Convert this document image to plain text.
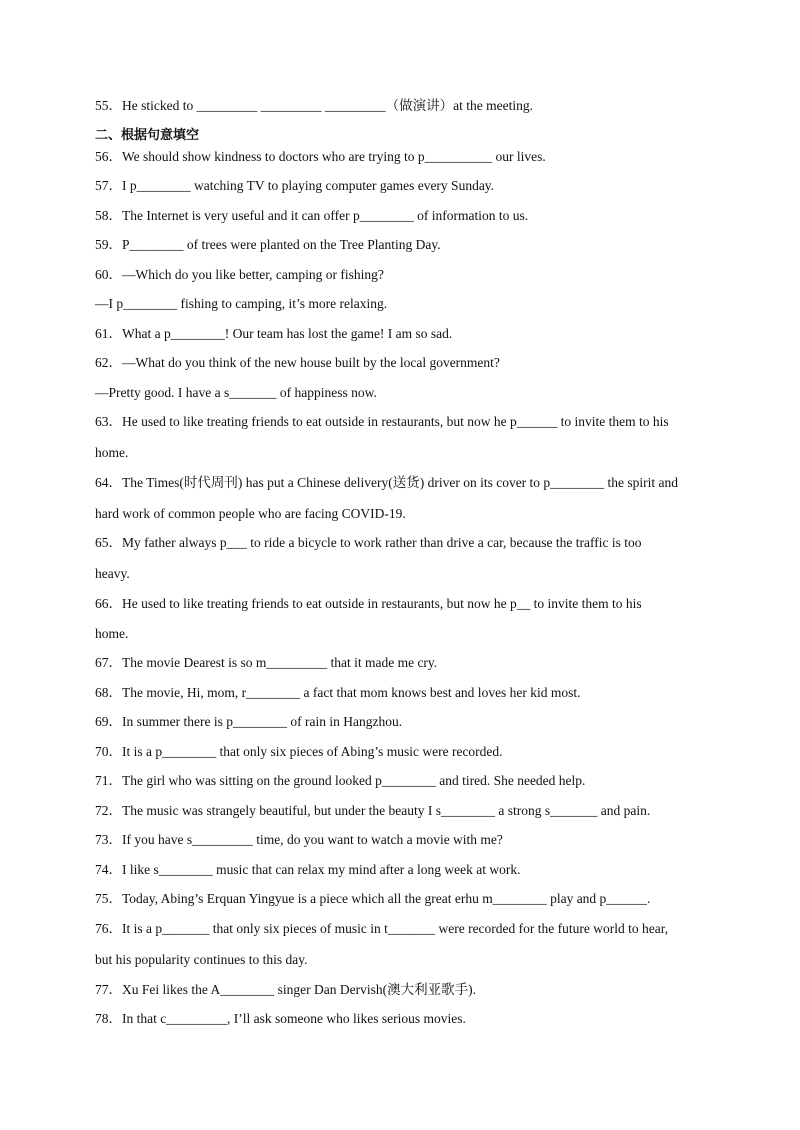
55．He sticked to _________ _________ _________（做演讲）at the meeting.
二、根据句意填空
56．We should show kindness to doctors who are trying to p__________ our lives.
57．I p________ watching TV to playing computer games every Sunday.
58．The Internet is very useful and it can offer p________ of information to us.
59．P________ of trees were planted on the Tree Planting Day.
60．—Which do you like better, camping or fishing?
—I p________ fishing to camping, it’s more relaxing.
61．What a p________! Our team has lost the game! I am so sad.
62．—What do you think of the new house built by the local government?
—Pretty good. I have a s_______ of happiness now.
63．He used to like treating friends to eat outside in restaurants, but now he p______ to invite them to his
home.
64．The Times(时代周刊) has put a Chinese delivery(送货) driver on its cover to p________ the spirit and
hard work of common people who are facing COVID-19.
65．My father always p___ to ride a bicycle to work rather than drive a car, because the traffic is too
heavy.
66．He used to like treating friends to eat outside in restaurants, but now he p__ to invite them to his
home.
67．The movie Dearest is so m_________ that it made me cry.
68．The movie, Hi, mom, r________ a fact that mom knows best and loves her kid most.
69．In summer there is p________ of rain in Hangzhou.
70．It is a p________ that only six pieces of Abing’s music were recorded.
71．The girl who was sitting on the ground looked p________ and tired. She needed help.
72．The music was strangely beautiful, but under the beauty I s________ a strong s_______ and pain.
73．If you have s_________ time, do you want to watch a movie with me?
74．I like s________ music that can relax my mind after a long week at work.
75．Today, Abing’s Erquan Yingyue is a piece which all the great erhu m________ play and p______.
76．It is a p_______ that only six pieces of music in t_______ were recorded for the future world to hear,
but his popularity continues to this day.
77．Xu Fei likes the A________ singer Dan Dervish(澳大利亚歌手).
78．In that c_________, I’ll ask someone who likes serious movies.
